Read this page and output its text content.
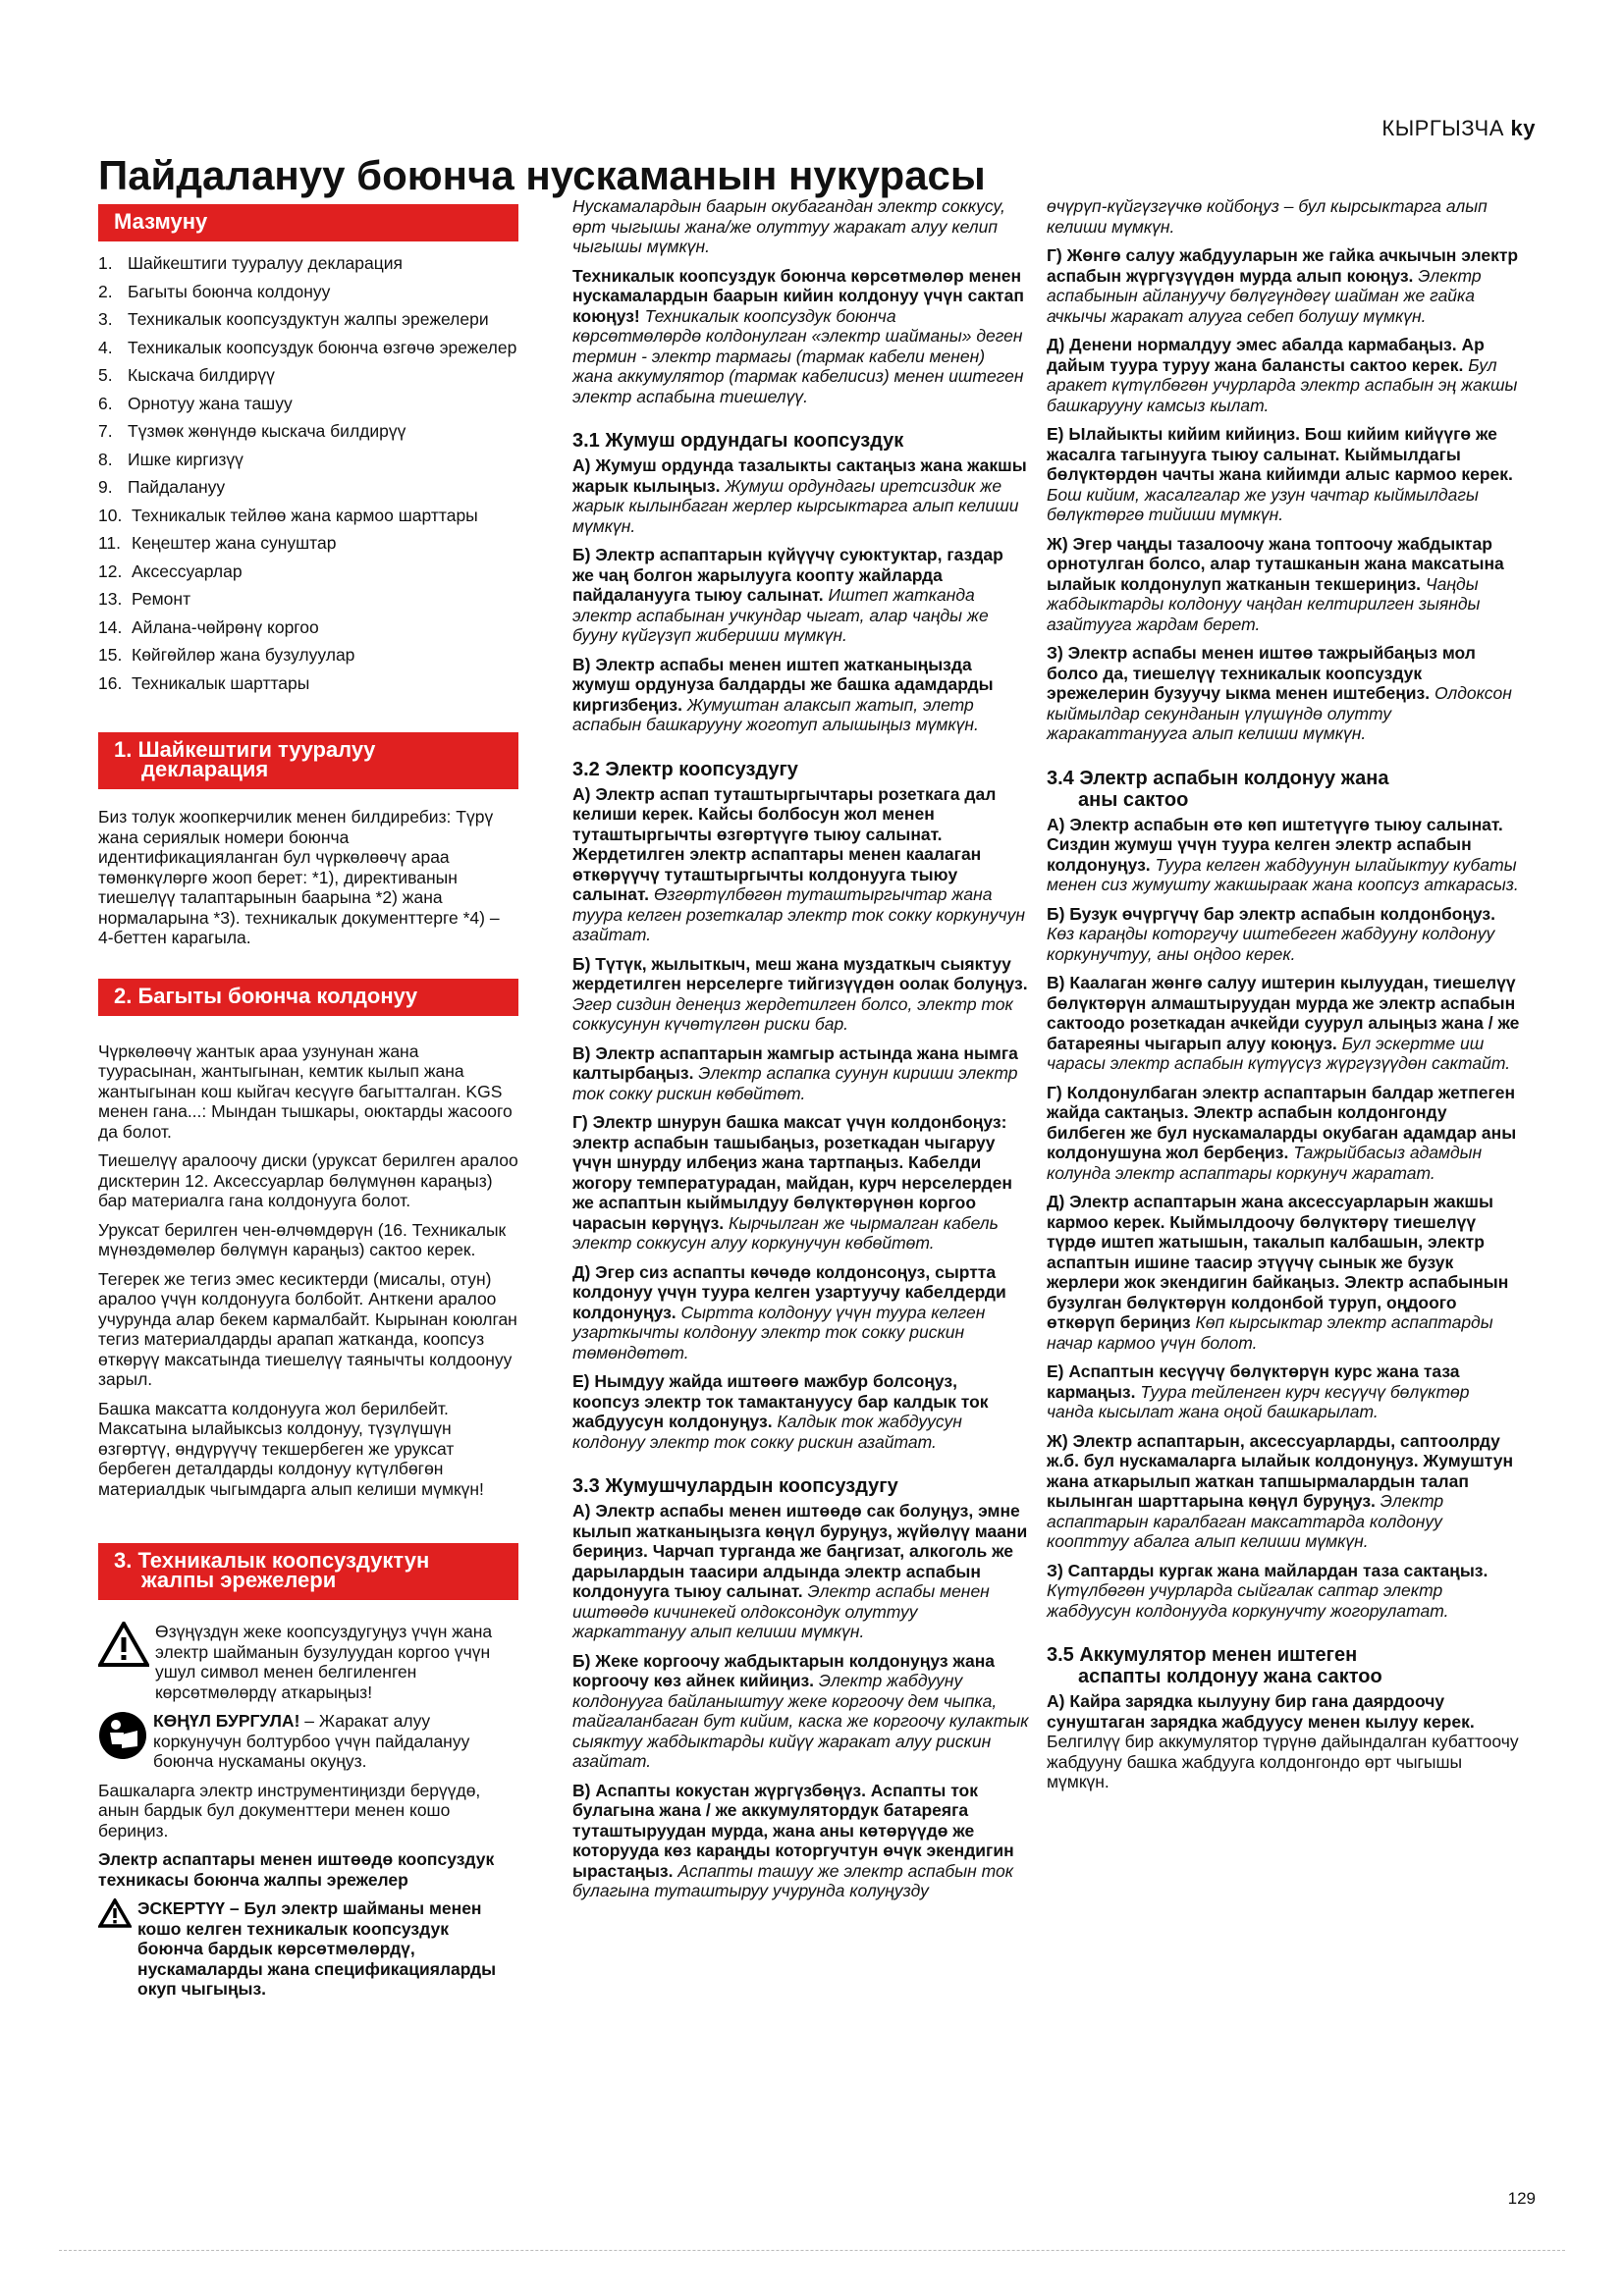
КЫРГЫЗЧА ky
Пайдалануу боюнча нускаманын нукурасы
Мазмуну
1. Шайкештиги тууралуу декларация
2. Багыты боюнча колдонуу
3. Техникалык коопсуздуктун жалпы эрежелери
4. Техникалык коопсуздук боюнча өзгөчө эрежелер
5. Кыскача билдирүү
6. Орнотуу жана ташуу
7. Түзмөк жөнүндө кыскача билдирүү
8. Ишке киргизүү
9. Пайдалануу
10. Техникалык тейлөө жана кармоо шарттары
11. Кеңештер жана сунуштар
12. Аксессуарлар
13. Ремонт
14. Айлана-чөйрөнү коргоо
15. Көйгөйлөр жана бузулуулар
16. Техникалык шарттары
1. Шайкештиги тууралуу
декларация

Биз толук жоопкерчилик менен билдиребиз: Түрү жана сериялык номери боюнча идентификацияланган бул чүркөлөөчү араа төмөнкүлөргө жооп берет: *1), директиванын тиешелүү талаптарынын баарына *2) жана нормаларына *3). техникалык документтерге *4) – 4-беттен карагыла.

2. Багыты боюнча колдонуу

Чүркөлөөчү жантык араа узунунан жана туурасынан, жантыгынан, кемтик кылып жана жантыгынан кош кыйгач кесүүгө багытталган. KGS менен гана...: Мындан тышкары, оюктарды жасоого да болот.

Тиешелүү аралоочу диски (уруксат берилген аралоо дисктерин 12. Аксессуарлар бөлүмүнөн караңыз) бар материалга гана колдонууга болот.

Уруксат берилген чен-өлчөмдөрүн (16. Техникалык мүнөздөмөлөр бөлүмүн караңыз) сактоо керек.

Тегерек же тегиз эмес кесиктерди (мисалы, отун) аралоо үчүн колдонууга болбойт. Анткени аралоо учурунда алар бекем кармалбайт. Кырынан коюлган тегиз материалдарды арапап жатканда, коопсуз өткөрүү максатында тиешелүү таянычты колдоонуу зарыл.

Башка максатта колдонууга жол берилбейт. Максатына ылайыксыз колдонуу, түзүлүшүн өзгөртүү, өндүрүүчү текшербеген же уруксат бербеген деталдарды колдонуу күтүлбөгөн материалдык чыгымдарга алып келиши мүмкүн!

3. Техникалык коопсуздуктун
жалпы эрежелери

Өзүңүздүн жеке коопсуздугуңуз үчүн жана электр шайманын бузулуудан коргоо үчүн ушул символ менен белгиленген көрсөтмөлөрдү аткарыңыз!

КӨҢҮЛ БУРГУЛА! – Жаракат алуу коркунучун болтурбоо үчүн пайдалануу боюнча нускаманы окуңуз.

Башкаларга электр инструментиңизди берүүдө, анын бардык бул документтери менен кошо бериңиз.

Электр аспаптары менен иштөөдө коопсуздук техникасы боюнча жалпы эрежелер

ЭСКЕРТҮҮ – Бул электр шайманы менен кошо келген техникалык коопсуздук боюнча бардык көрсөтмөлөрдү, нускамаларды жана спецификацияларды окуп чыгыңыз.

Нускамалардын баарын окубагандан электр соккусу, өрт чыгышы жана/же олуттуу жаракат алуу келип чыгышы мүмкүн.

Техникалык коопсуздук боюнча көрсөтмөлөр менен нускамалардын баарын кийин колдонуу үчүн сактап коюңуз! Техникалык коопсуздук боюнча көрсөтмөлөрдө колдонулган «электр шайманы» деген термин - электр тармагы (тармак кабели менен) жана аккумулятор (тармак кабелисиз) менен иштеген электр аспабына тиешелүү.

3.1 Жумуш ордундагы коопсуздук

А) Жумуш ордунда тазалыкты сактаңыз жана жакшы жарык кылыңыз. Жумуш ордундагы иретсиздик же жарык кылынбаган жерлер кырсыктарга алып келиши мүмкүн.

Б) Электр аспаптарын күйүүчү суюктуктар, газдар же чаң болгон жарылууга коопту жайларда пайдаланууга тыюу салынат. Иштеп жатканда электр аспабынан учкундар чыгат, алар чаңды же бууну күйгүзүп жибериши мүмкүн.

В) Электр аспабы менен иштеп жатканыңызда жумуш ордунуза балдарды же башка адамдарды киргизбеңиз. Жумуштан алаксып жатып, элетр аспабын башкарууну жоготуп алышыңыз мүмкүн.

3.2 Электр коопсуздугу

А) Электр аспап туташтыргычтары розеткага дал келиши керек. Кайсы болбосун жол менен туташтыргычты өзгөртүүгө тыюу салынат. Жердетилген электр аспаптары менен каалаган өткөрүүчү туташтыргычты колдонууга тыюу салынат. Өзгөртүлбөгөн туташтыргычтар жана туура келген розеткалар электр ток сокку коркунучун азайтат.

Б) Түтүк, жылыткыч, меш жана муздаткыч сыяктуу жердетилген нерселерге тийгизүүдөн оолак болуңуз. Эгер сиздин денеңиз жердетилген болсо, электр ток соккусунун күчөтүлгөн риски бар.

В) Электр аспаптарын жамгыр астында жана нымга калтырбаңыз. Электр аспапка суунун кириши электр ток сокку рискин көбөйтөт.

Г) Электр шнурун башка максат үчүн колдонбоңуз: электр аспабын ташыбаңыз, розеткадан чыгаруу үчүн шнурду илбеңиз жана тартпаңыз. Кабелди жогору температурадан, майдан, курч нерселерден же аспаптын кыймылдуу бөлүктөрүнөн коргоо чарасын көрүңүз. Кырчылган же чырмалган кабель электр соккусун алуу коркунучун көбөйтөт.

Д) Эгер сиз аспапты көчөдө колдонсоңуз, сыртта колдонуу үчүн туура келген узартуучу кабелдерди колдонуңуз. Сыртта колдонуу үчүн туура келген узарткычты колдонуу электр ток сокку рискин төмөндөтөт.

Е) Нымдуу жайда иштөөгө мажбур болсоңуз, коопсуз электр ток тамактануусу бар калдык ток жабдуусун колдонуңуз. Калдык ток жабдуусун колдонуу электр ток сокку рискин азайтат.

3.3 Жумушчулардын коопсуздугу

А) Электр аспабы менен иштөөдө сак болуңуз, эмне кылып жатканыңызга көңүл буруңуз, жүйөлүү маани бериңиз. Чарчап турганда же баңгизат, алкоголь же дарылардын таасири алдында электр аспабын колдонууга тыюу салынат. Электр аспабы менен иштөөдө кичинекей олдоксондук олуттуу жаркаттануу алып келиши мүмкүн.

Б) Жеке коргоочу жабдыктарын колдонуңуз жана коргоочу көз айнек кийиңиз. Электр жабдууну колдонууга байланыштуу жеке коргоочу дем чыпка, тайгаланбаган бут кийим, каска же коргоочу кулактык сыяктуу жабдыктарды кийүү жаракат алуу рискин азайтат.

В) Аспапты кокустан жүргүзбөңүз. Аспапты ток булагына жана / же аккумулятордук батареяга туташтыруудан мурда, жана аны көтөрүүдө же которууда көз караңды которгучтун өчүк экендигин ырастаңыз. Аспапты ташуу же электр аспабын ток булагына туташтыруу учурунда колуңузду

өчүрүп-күйгүзгүчкө койбоңуз – бул кырсыктарга алып келиши мүмкүн.

Г) Жөнгө салуу жабдууларын же гайка ачкычын электр аспабын жүргүзүүдөн мурда алып коюңуз. Электр аспабынын айлануучу бөлүгүндөгү шайман же гайка ачкычы жаракат алууга себеп болушу мүмкүн.

Д) Денени нормалдуу эмес абалда кармабаңыз. Ар дайым туура туруу жана балансты сактоо керек. Бул аракет күтүлбөгөн учурларда электр аспабын эң жакшы башкарууну камсыз кылат.

Е) Ылайыкты кийим кийиңиз. Бош кийим кийүүгө же жасалга тагынууга тыюу салынат. Кыймылдагы бөлүктөрдөн чачты жана кийимди алыс кармоо керек. Бош кийим, жасалгалар же узун чачтар кыймылдагы бөлүктөргө тийиши мүмкүн.

Ж) Эгер чаңды тазалоочу жана топтоочу жабдыктар орнотулган болсо, алар туташканын жана максатына ылайык колдонулуп жатканын текшериңиз. Чаңды жабдыктарды колдонуу чаңдан келтирилген зыянды азайтууга жардам берет.

З) Электр аспабы менен иштөө тажрыйбаңыз мол болсо да, тиешелүү техникалык коопсуздук эрежелерин бузуучу ыкма менен иштебеңиз. Олдоксон кыймылдар секунданын үлүшүндө олутту жаракаттанууга алып келиши мүмкүн.

3.4 Электр аспабын колдонуу жана
аны сактоо

А) Электр аспабын өтө көп иштетүүгө тыюу салынат. Сиздин жумуш үчүн туура келген электр аспабын колдонуңуз. Туура келген жабдуунун ылайыктуу кубаты менен сиз жумушту жакшыраак жана коопсуз аткарасыз.

Б) Бузук өчүргүчү бар электр аспабын колдонбоңуз. Көз караңды которгучу иштебеген жабдууну колдонуу коркунучтуу, аны оңдоо керек.

В) Каалаган жөнгө салуу иштерин кылуудан, тиешелүү бөлүктөрүн алмаштыруудан мурда же электр аспабын сактоодо розеткадан ачкейди суурул алыңыз жана / же батареяны чыгарып алуу коюңуз. Бул эскертме иш чарасы электр аспабын күтүүсүз жүргүзүүдөн сактайт.

Г) Колдонулбаган электр аспаптарын балдар жетпеген жайда сактаңыз. Электр аспабын колдонгонду билбеген же бул нускамаларды окубаган адамдар аны колдонушуна жол бербеңиз. Тажрыйбасыз адамдын колунда электр аспаптары коркунуч жаратат.

Д) Электр аспаптарын жана аксессуарларын жакшы кармоо керек. Кыймылдоочу бөлүктөрү тиешелүү түрдө иштеп жатышын, такалып калбашын, электр аспаптын ишине таасир этүүчү сынык же бузук жерлери жок экендигин байкаңыз. Электр аспабынын бузулган бөлүктөрүн колдонбой туруп, оңдоого өткөрүп бериңиз Көп кырсыктар электр аспаптарды начар кармоо үчүн болот.

Е) Аспаптын кесүүчү бөлүктөрүн курс жана таза кармаңыз. Туура тейленген курч кесүүчү бөлүктөр чанда кысылат жана оңой башкарылат.

Ж) Электр аспаптарын, аксессуарларды, саптоолрду ж.б. бул нускамаларга ылайык колдонуңуз. Жумуштун жана аткарылып жаткан тапшырмалардын талап кылынган шарттарына көңүл буруңуз. Электр аспаптарын каралбаган максаттарда колдонуу коопттуу абалга алып келиши мүмкүн.

З) Саптарды кургак жана майлардан таза сактаңыз. Күтүлбөгөн учурларда сыйгалак саптар электр жабдуусун колдонууда коркунучту жогорулатат.

3.5 Аккумулятор менен иштеген
аспапты колдонуу жана сактоо

А) Кайра зарядка кылууну бир гана даярдоочу сунуштаган зарядка жабдуусу менен кылуу керек. Белгилүү бир аккумулятор түрүнө дайындалган кубаттоочу жабдууну башка жабдууга колдонгондо өрт чыгышы мүмкүн.

129
